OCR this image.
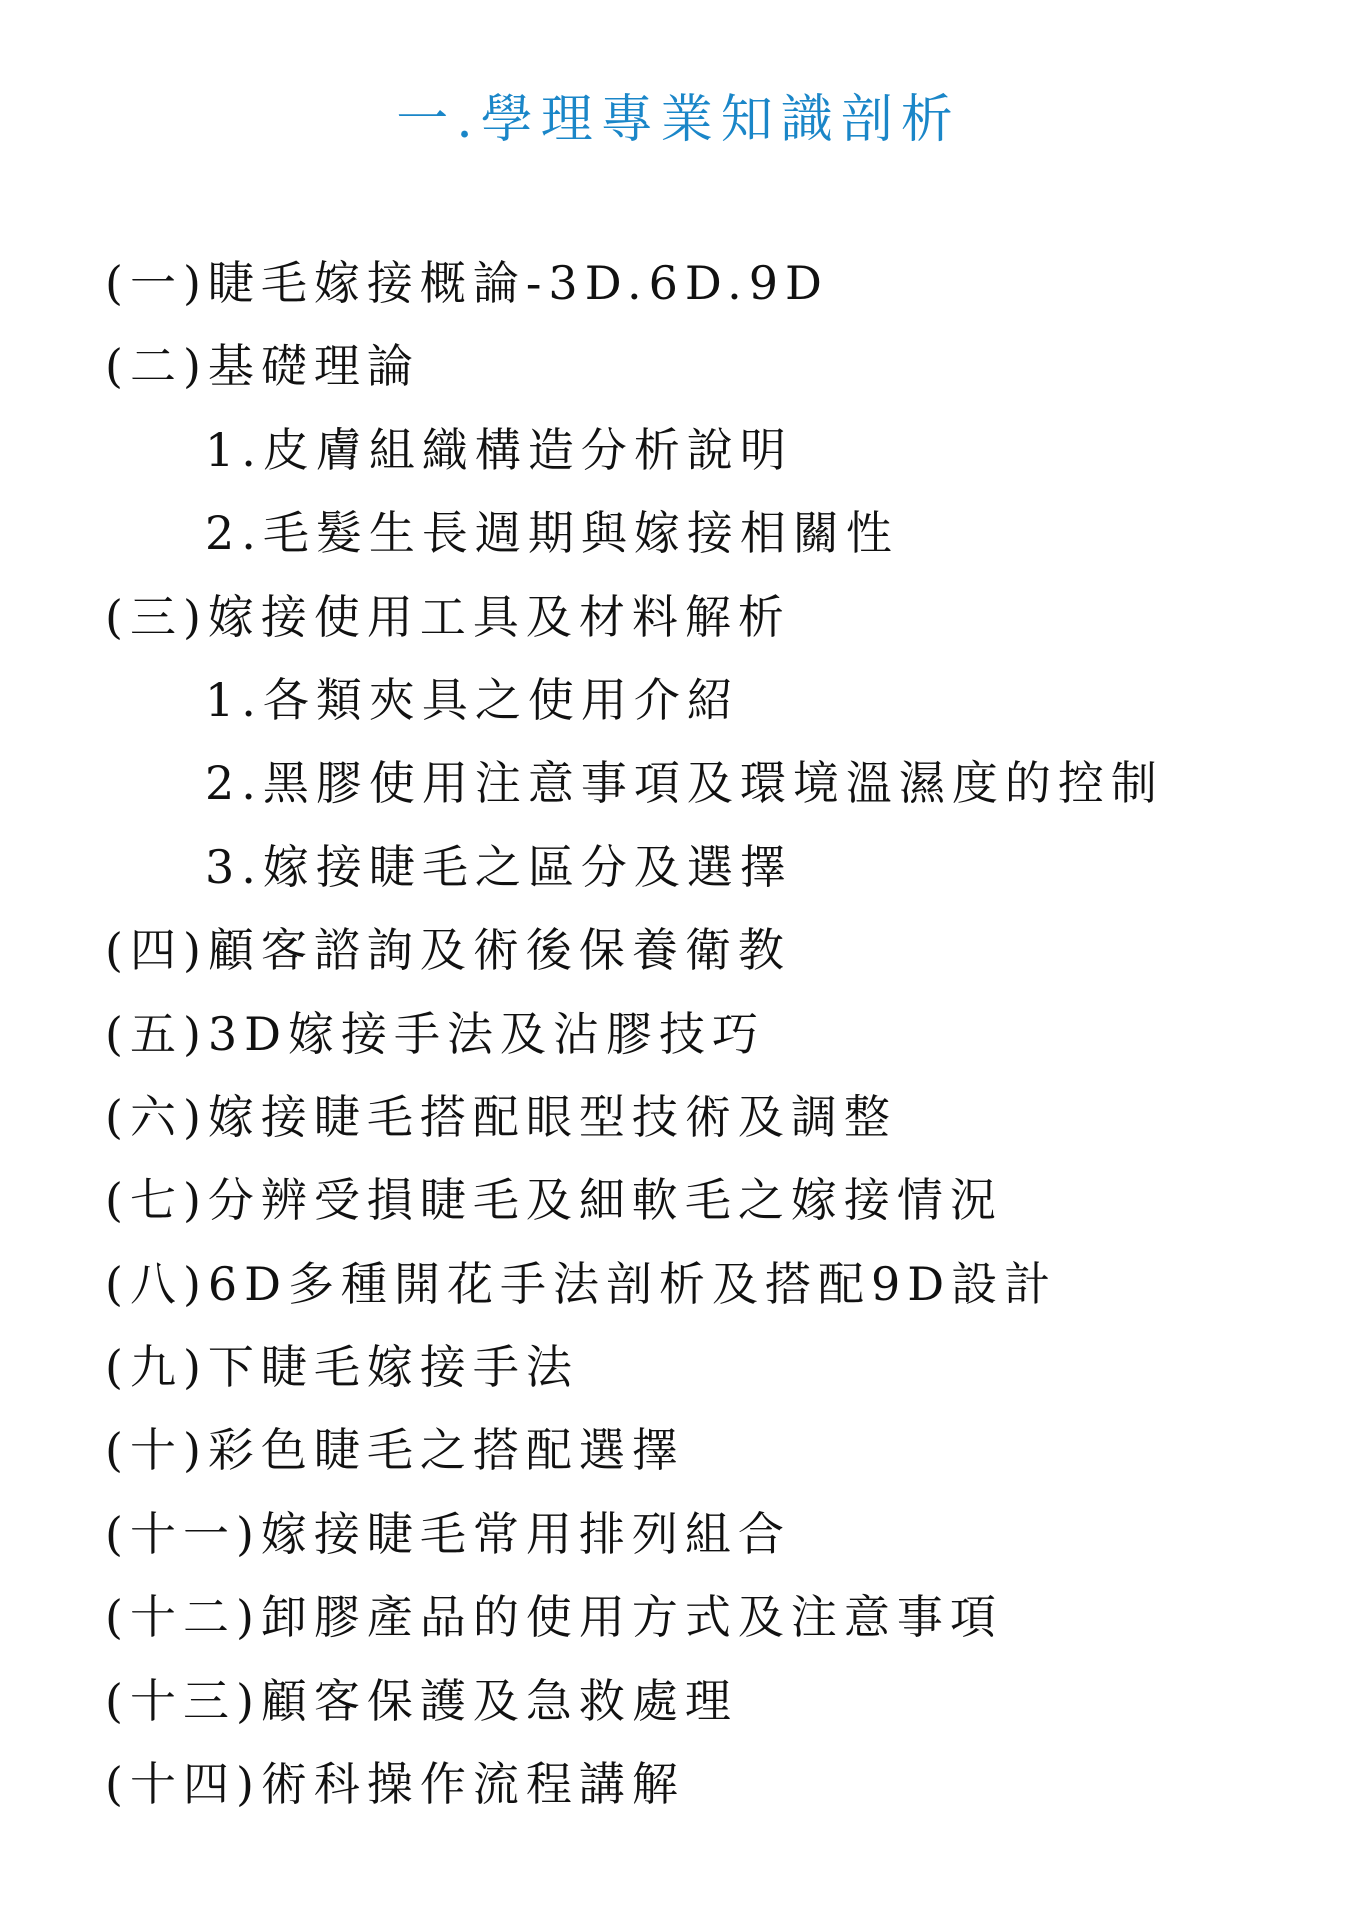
一.學理專業知識剖析
(一)睫毛嫁接概論-3D.6D.9D
(二)基礎理論
1.皮膚組織構造分析說明
2.毛髮生長週期與嫁接相關性
(三)嫁接使用工具及材料解析
1.各類夾具之使用介紹
2.黑膠使用注意事項及環境溫濕度的控制
3.嫁接睫毛之區分及選擇
(四)顧客諮詢及術後保養衛教
(五)3D嫁接手法及沾膠技巧
(六)嫁接睫毛搭配眼型技術及調整
(七)分辨受損睫毛及細軟毛之嫁接情況
(八)6D多種開花手法剖析及搭配9D設計
(九)下睫毛嫁接手法
(十)彩色睫毛之搭配選擇
(十一)嫁接睫毛常用排列組合
(十二)卸膠產品的使用方式及注意事項
(十三)顧客保護及急救處理
(十四)術科操作流程講解
